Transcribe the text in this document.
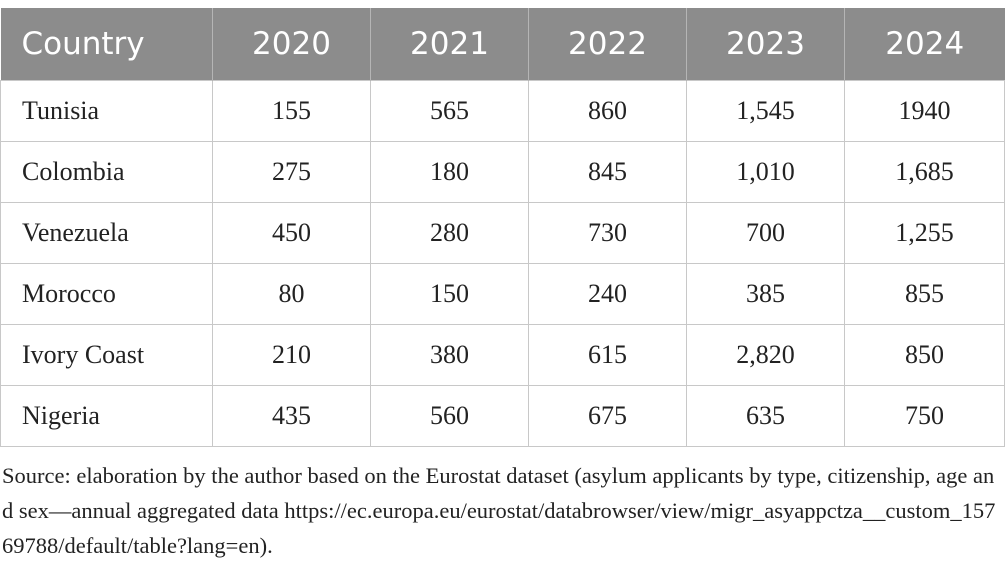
Country	2020	2021	2022	2023	2024
Tunisia	155	565	860	1,545	1940
Colombia	275	180	845	1,010	1,685
Venezuela	450	280	730	700	1,255
Morocco	80	150	240	385	855
Ivory Coast	210	380	615	2,820	850
Nigeria	435	560	675	635	750

Source: elaboration by the author based on the Eurostat dataset (asylum applicants by type, citizenship, age and sex—annual aggregated data https://ec.europa.eu/eurostat/databrowser/view/migr_asyappctza__custom_15769788/default/table?lang=en).
